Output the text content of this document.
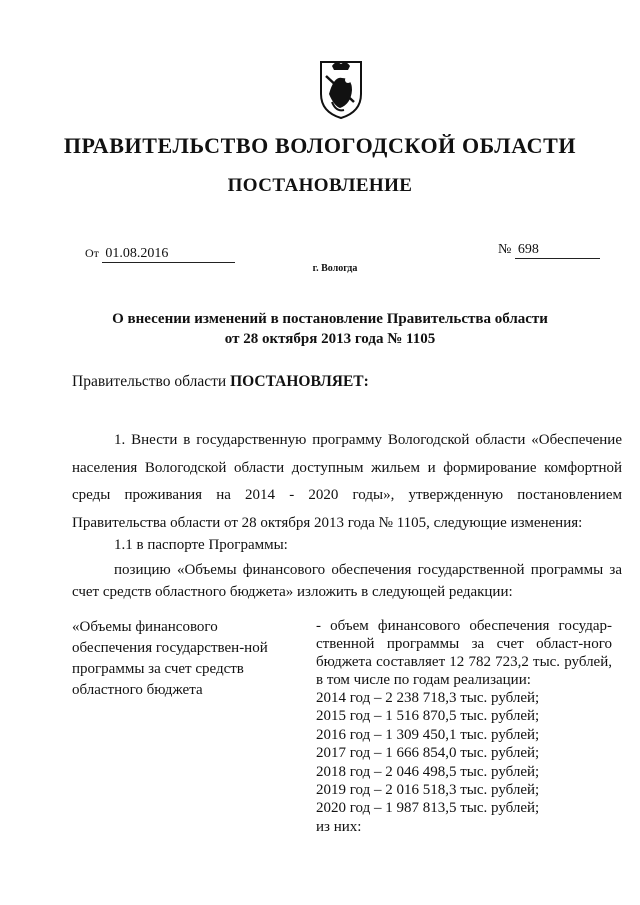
ПРАВИТЕЛЬСТВО ВОЛОГОДСКОЙ ОБЛАСТИ
ПОСТАНОВЛЕНИЕ
От 01.08.2016	№ 698
г. Вологда
О внесении изменений в постановление Правительства области
от 28 октября 2013 года № 1105
Правительство области ПОСТАНОВЛЯЕТ:
1. Внести в государственную программу Вологодской области «Обеспечение населения Вологодской области доступным жильем и формирование комфортной среды проживания на 2014 - 2020 годы», утвержденную постановлением Правительства области от 28 октября 2013 года № 1105, следующие изменения:
1.1 в паспорте Программы:
позицию «Объемы финансового обеспечения государственной программы за счет средств областного бюджета» изложить в следующей редакции:
«Объемы финансового обеспечения государствен-ной программы за счет средств областного бюджета
- объем финансового обеспечения государ-ственной программы за счет област-ного бюджета составляет 12 782 723,2 тыс. рублей, в том числе по годам реализации:
2014 год – 2 238 718,3 тыс. рублей;
2015 год – 1 516 870,5 тыс. рублей;
2016 год – 1 309 450,1 тыс. рублей;
2017 год – 1 666 854,0 тыс. рублей;
2018 год – 2 046 498,5 тыс. рублей;
2019 год – 2 016 518,3 тыс. рублей;
2020 год – 1 987 813,5 тыс. рублей;
из них:
